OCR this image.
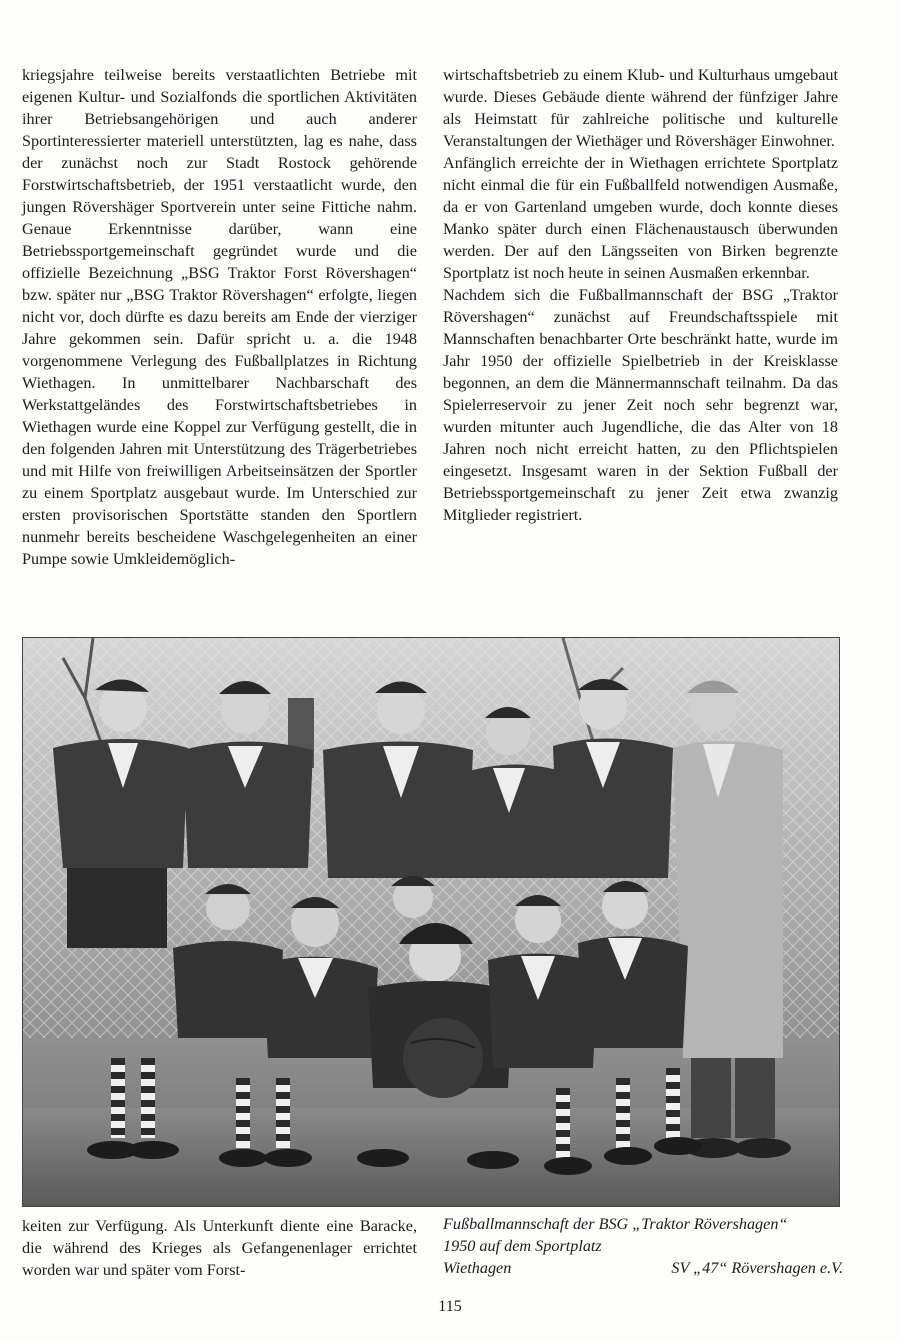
kriegsjahre teilweise bereits verstaatlichten Betriebe mit eigenen Kultur- und Sozialfonds die sportlichen Aktivitäten ihrer Betriebsangehörigen und auch anderer Sportinteressierter materiell unterstützten, lag es nahe, dass der zunächst noch zur Stadt Rostock gehörende Forstwirtschaftsbetrieb, der 1951 verstaatlicht wurde, den jungen Rövershäger Sportverein unter seine Fittiche nahm. Genaue Erkenntnisse darüber, wann eine Betriebssportgemeinschaft gegründet wurde und die offizielle Bezeichnung „BSG Traktor Forst Rövershagen“ bzw. später nur „BSG Traktor Rövershagen“ erfolgte, liegen nicht vor, doch dürfte es dazu bereits am Ende der vierziger Jahre gekommen sein. Dafür spricht u. a. die 1948 vorgenommene Verlegung des Fußballplatzes in Richtung Wiethagen. In unmittelbarer Nachbarschaft des Werkstattgeländes des Forstwirtschaftsbetriebes in Wiethagen wurde eine Koppel zur Verfügung gestellt, die in den folgenden Jahren mit Unterstützung des Trägerbetriebes und mit Hilfe von freiwilligen Arbeitseinsätzen der Sportler zu einem Sportplatz ausgebaut wurde. Im Unterschied zur ersten provisorischen Sportstätte standen den Sportlern nunmehr bereits bescheidene Waschgelegenheiten an einer Pumpe sowie Umkleidemöglich-

wirtschaftsbetrieb zu einem Klub- und Kulturhaus umgebaut wurde. Dieses Gebäude diente während der fünfziger Jahre als Heimstatt für zahlreiche politische und kulturelle Veranstaltungen der Wiethäger und Rövershäger Einwohner.

Anfänglich erreichte der in Wiethagen errichtete Sportplatz nicht einmal die für ein Fußballfeld notwendigen Ausmaße, da er von Gartenland umgeben wurde, doch konnte dieses Manko später durch einen Flächenaustausch überwunden werden. Der auf den Längsseiten von Birken begrenzte Sportplatz ist noch heute in seinen Ausmaßen erkennbar.

Nachdem sich die Fußballmannschaft der BSG „Traktor Rövershagen“ zunächst auf Freundschaftsspiele mit Mannschaften benachbarter Orte beschränkt hatte, wurde im Jahr 1950 der offizielle Spielbetrieb in der Kreisklasse begonnen, an dem die Männermannschaft teilnahm. Da das Spielerreservoir zu jener Zeit noch sehr begrenzt war, wurden mitunter auch Jugendliche, die das Alter von 18 Jahren noch nicht erreicht hatten, zu den Pflichtspielen eingesetzt. Insgesamt waren in der Sektion Fußball der Betriebssportgemeinschaft zu jener Zeit etwa zwanzig Mitglieder registriert.

keiten zur Verfügung. Als Unterkunft diente eine Baracke, die während des Krieges als Gefangenenlager errichtet worden war und später vom Forst-

Fußballmannschaft der BSG „Traktor Rövershagen“
1950 auf dem Sportplatz
Wiethagen	SV „47“ Rövershagen e.V.
115
